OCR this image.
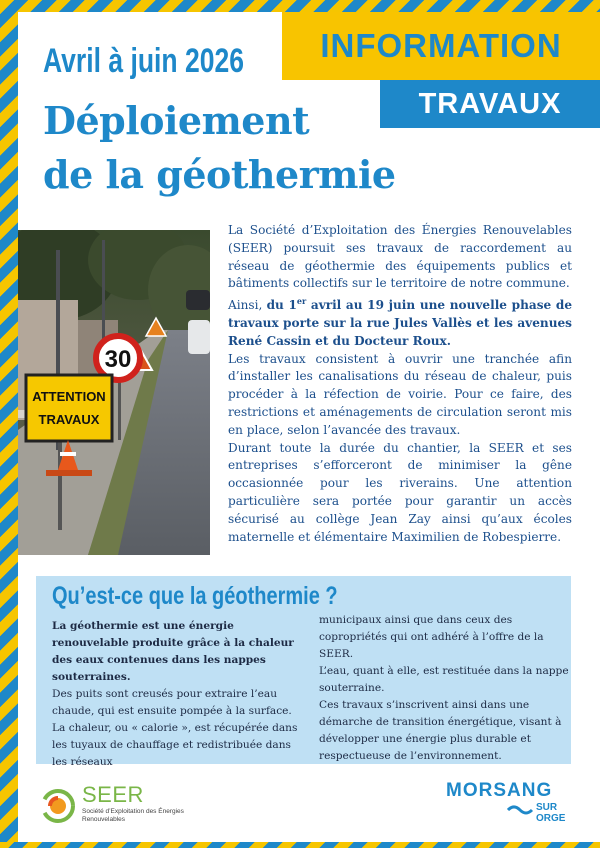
INFORMATION
TRAVAUX
Avril à juin 2026
Déploiement
de la géothermie
30
ATTENTION
TRAVAUX

La Société d’Exploitation des Énergies Renouvelables (SEER) poursuit ses travaux de raccordement au réseau de géothermie des équipements publics et bâtiments collectifs sur le territoire de notre commune.

Ainsi, du 1er avril au 19 juin une nouvelle phase de travaux porte sur la rue Jules Vallès et les avenues René Cassin et du Docteur Roux.

Les travaux consistent à ouvrir une tranchée afin d’installer les canalisations du réseau de chaleur, puis procéder à la réfection de voirie. Pour ce faire, des restrictions et aménagements de circulation seront mis en place, selon l’avancée des travaux.

Durant toute la durée du chantier, la SEER et ses entreprises s’efforceront de minimiser la gêne occasionnée pour les riverains. Une attention particulière sera portée pour garantir un accès sécurisé au collège Jean Zay ainsi qu’aux écoles maternelle et élémentaire Maximilien de Robespierre.

Qu’est-ce que la géothermie ?

La géothermie est une énergie renouvelable produite grâce à la chaleur des eaux contenues dans les nappes souterraines.

Des puits sont creusés pour extraire l’eau chaude, qui est ensuite pompée à la surface. La chaleur, ou « calorie », est récupérée dans les tuyaux de chauffage et redistribuée dans les réseaux

municipaux ainsi que dans ceux des copropriétés qui ont adhéré à l’offre de la SEER.

L’eau, quant à elle, est restituée dans la nappe souterraine.

Ces travaux s’inscrivent ainsi dans une démarche de transition énergétique, visant à développer une énergie plus durable et respectueuse de l’environnement.

SEER
Société d’Exploitation des Énergies Renouvelables
MORSANG
SUR
ORGE
